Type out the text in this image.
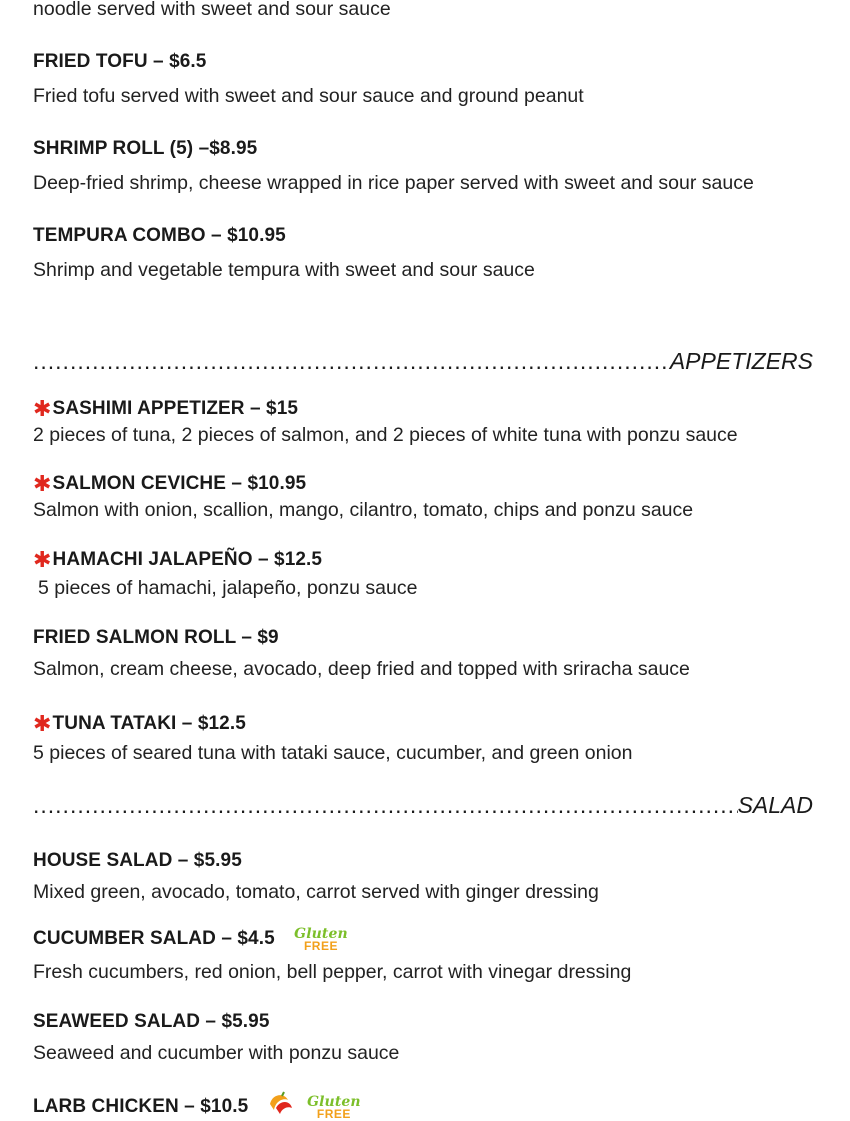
noodle served with sweet and sour sauce
FRIED TOFU – $6.5
Fried tofu served with sweet and sour sauce and ground peanut
SHRIMP ROLL (5) –$8.95
Deep-fried shrimp, cheese wrapped in rice paper served with sweet and sour sauce
TEMPURA COMBO – $10.95
Shrimp and vegetable tempura with sweet and sour sauce
.....
APPETIZERS
✱SASHIMI APPETIZER – $15
2 pieces of tuna, 2 pieces of salmon, and 2 pieces of white tuna with ponzu sauce
✱SALMON CEVICHE – $10.95
Salmon with onion, scallion, mango, cilantro, tomato, chips and ponzu sauce
✱HAMACHI JALAPEÑO – $12.5
5 pieces of hamachi, jalapeño, ponzu sauce
FRIED SALMON ROLL – $9
Salmon, cream cheese, avocado, deep fried and topped with sriracha sauce
✱TUNA TATAKI – $12.5
5 pieces of seared tuna with tataki sauce, cucumber, and green onion
.....
SALAD
HOUSE SALAD – $5.95
Mixed green, avocado, tomato, carrot served with ginger dressing
CUCUMBER SALAD – $4.5 Gluten
FREE
Fresh cucumbers, red onion, bell pepper, carrot with vinegar dressing
SEAWEED SALAD – $5.95
Seaweed and cucumber with ponzu sauce
LARB CHICKEN – $10.5	Gluten
FREE
